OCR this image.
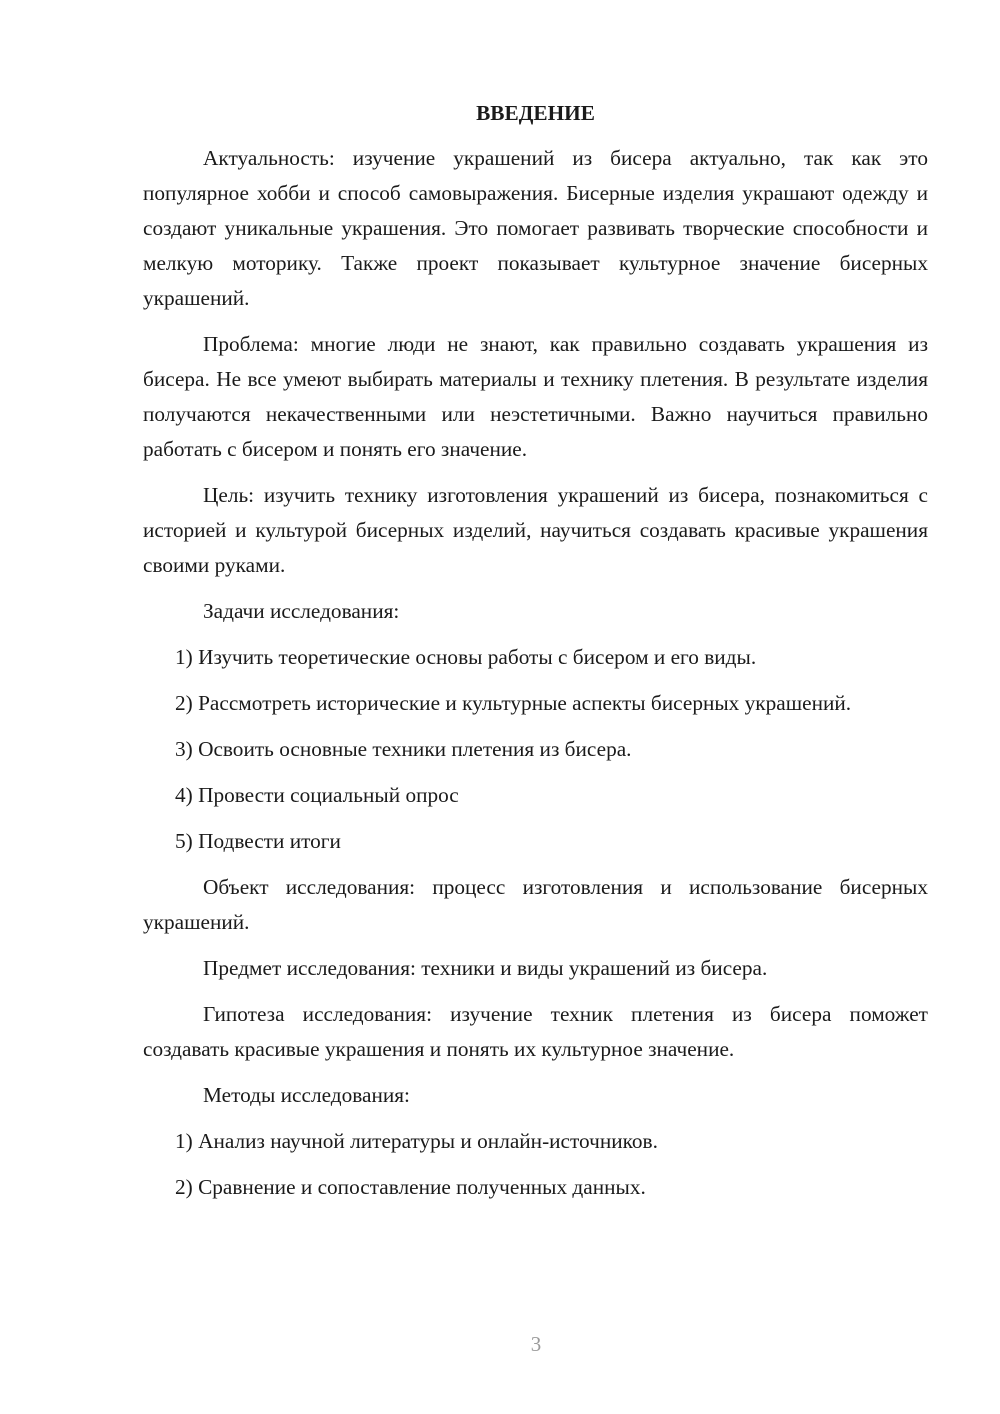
ВВЕДЕНИЕ

Актуальность: изучение украшений из бисера актуально, так как это популярное хобби и способ самовыражения. Бисерные изделия украшают одежду и создают уникальные украшения. Это помогает развивать творческие способности и мелкую моторику. Также проект показывает культурное значение бисерных украшений.

Проблема: многие люди не знают, как правильно создавать украшения из бисера. Не все умеют выбирать материалы и технику плетения. В результате изделия получаются некачественными или неэстетичными. Важно научиться правильно работать с бисером и понять его значение.

Цель: изучить технику изготовления украшений из бисера, познакомиться с историей и культурой бисерных изделий, научиться создавать красивые украшения своими руками.

Задачи исследования:

1) Изучить теоретические основы работы с бисером и его виды.

2) Рассмотреть исторические и культурные аспекты бисерных украшений.

3) Освоить основные техники плетения из бисера.

4) Провести социальный опрос

5) Подвести итоги

Объект исследования: процесс изготовления и использование бисерных украшений.

Предмет исследования: техники и виды украшений из бисера.

Гипотеза исследования: изучение техник плетения из бисера поможет создавать красивые украшения и понять их культурное значение.

Методы исследования:

1) Анализ научной литературы и онлайн-источников.

2) Сравнение и сопоставление полученных данных.

3
